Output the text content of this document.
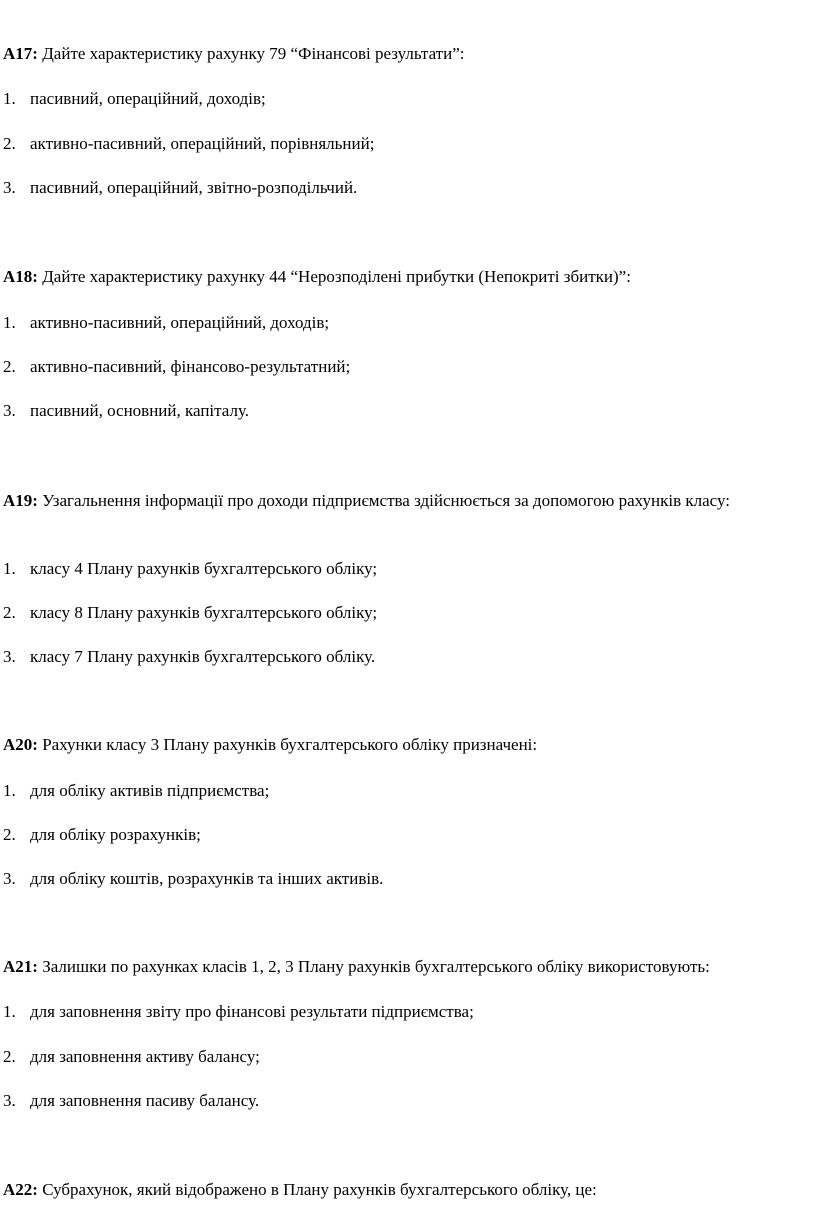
A17: Дайте характеристику рахунку 79 “Фінансові результати”:

1. пасивний, операційний, доходів;
2. активно-пасивний, операційний, порівняльний;
3. пасивний, операційний, звітно-розподільчий.

A18: Дайте характеристику рахунку 44 “Нерозподілені прибутки (Непокриті збитки)”:

1. активно-пасивний, операційний, доходів;
2. активно-пасивний, фінансово-результатний;
3. пасивний, основний, капіталу.

A19: Узагальнення інформації про доходи підприємства здійснюється за допомогою рахунків класу:

1. класу 4 Плану рахунків бухгалтерського обліку;
2. класу 8 Плану рахунків бухгалтерського обліку;
3. класу 7 Плану рахунків бухгалтерського обліку.

A20: Рахунки класу 3 Плану рахунків бухгалтерського обліку призначені:

1. для обліку активів підприємства;
2. для обліку розрахунків;
3. для обліку коштів, розрахунків та інших активів.

A21: Залишки по рахунках класів 1, 2, 3 Плану рахунків бухгалтерського обліку використовують:

1. для заповнення звіту про фінансові результати підприємства;
2. для заповнення активу балансу;
3. для заповнення пасиву балансу.

A22: Субрахунок, який відображено в Плану рахунків бухгалтерського обліку, це:
